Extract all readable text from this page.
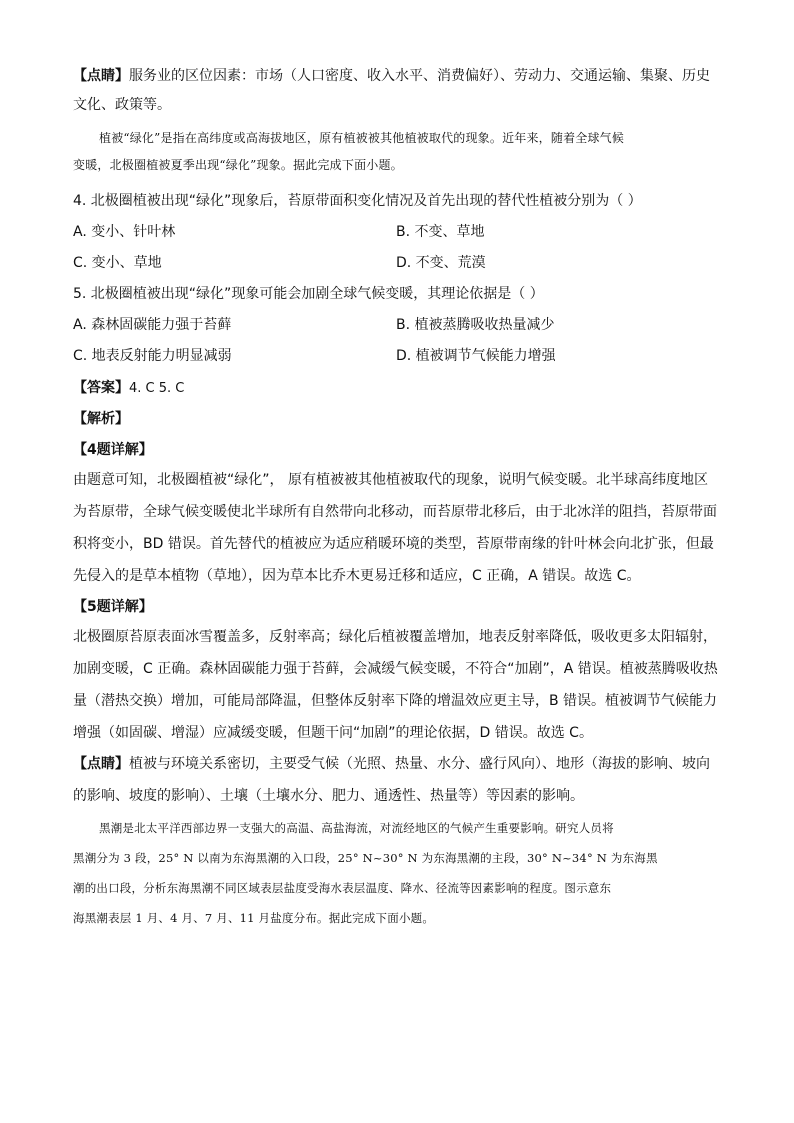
【点睛】服务业的区位因素：市场（人口密度、收入水平、消费偏好）、劳动力、交通运输、集聚、历史
文化、政策等。
植被“绿化”是指在高纬度或高海拔地区，原有植被被其他植被取代的现象。近年来，随着全球气候
变暖，北极圈植被夏季出现“绿化”现象。据此完成下面小题。
4. 北极圈植被出现“绿化”现象后，苔原带面积变化情况及首先出现的替代性植被分别为（ ）
A. 变小、针叶林	B. 不变、草地
C. 变小、草地	D. 不变、荒漠
5. 北极圈植被出现“绿化”现象可能会加剧全球气候变暖，其理论依据是（ ）
A. 森林固碳能力强于苔藓	B. 植被蒸腾吸收热量减少
C. 地表反射能力明显减弱	D. 植被调节气候能力增强
【答案】4. C 5. C
【解析】
【4题详解】
由题意可知，北极圈植被“绿化”， 原有植被被其他植被取代的现象，说明气候变暖。北半球高纬度地区
为苔原带，全球气候变暖使北半球所有自然带向北移动，而苔原带北移后，由于北冰洋的阻挡，苔原带面
积将变小，BD 错误。首先替代的植被应为适应稍暖环境的类型，苔原带南缘的针叶林会向北扩张，但最
先侵入的是草本植物（草地），因为草本比乔木更易迁移和适应，C 正确，A 错误。故选 C。
【5题详解】
北极圈原苔原表面冰雪覆盖多，反射率高；绿化后植被覆盖增加，地表反射率降低，吸收更多太阳辐射，
加剧变暖，C 正确。森林固碳能力强于苔藓，会减缓气候变暖，不符合“加剧”，A 错误。植被蒸腾吸收热
量（潜热交换）增加，可能局部降温，但整体反射率下降的增温效应更主导，B 错误。植被调节气候能力
增强（如固碳、增湿）应减缓变暖，但题干问“加剧”的理论依据，D 错误。故选 C。
【点睛】植被与环境关系密切，主要受气候（光照、热量、水分、盛行风向）、地形（海拔的影响、坡向
的影响、坡度的影响）、土壤（土壤水分、肥力、通透性、热量等）等因素的影响。
黑潮是北太平洋西部边界一支强大的高温、高盐海流，对流经地区的气候产生重要影响。研究人员将
黑潮分为 3 段，25° N 以南为东海黑潮的入口段，25° N~30° N 为东海黑潮的主段，30° N~34° N 为东海黑
潮的出口段，分析东海黑潮不同区域表层盐度受海水表层温度、降水、径流等因素影响的程度。图示意东
海黑潮表层 1 月、4 月、7 月、11 月盐度分布。据此完成下面小题。
